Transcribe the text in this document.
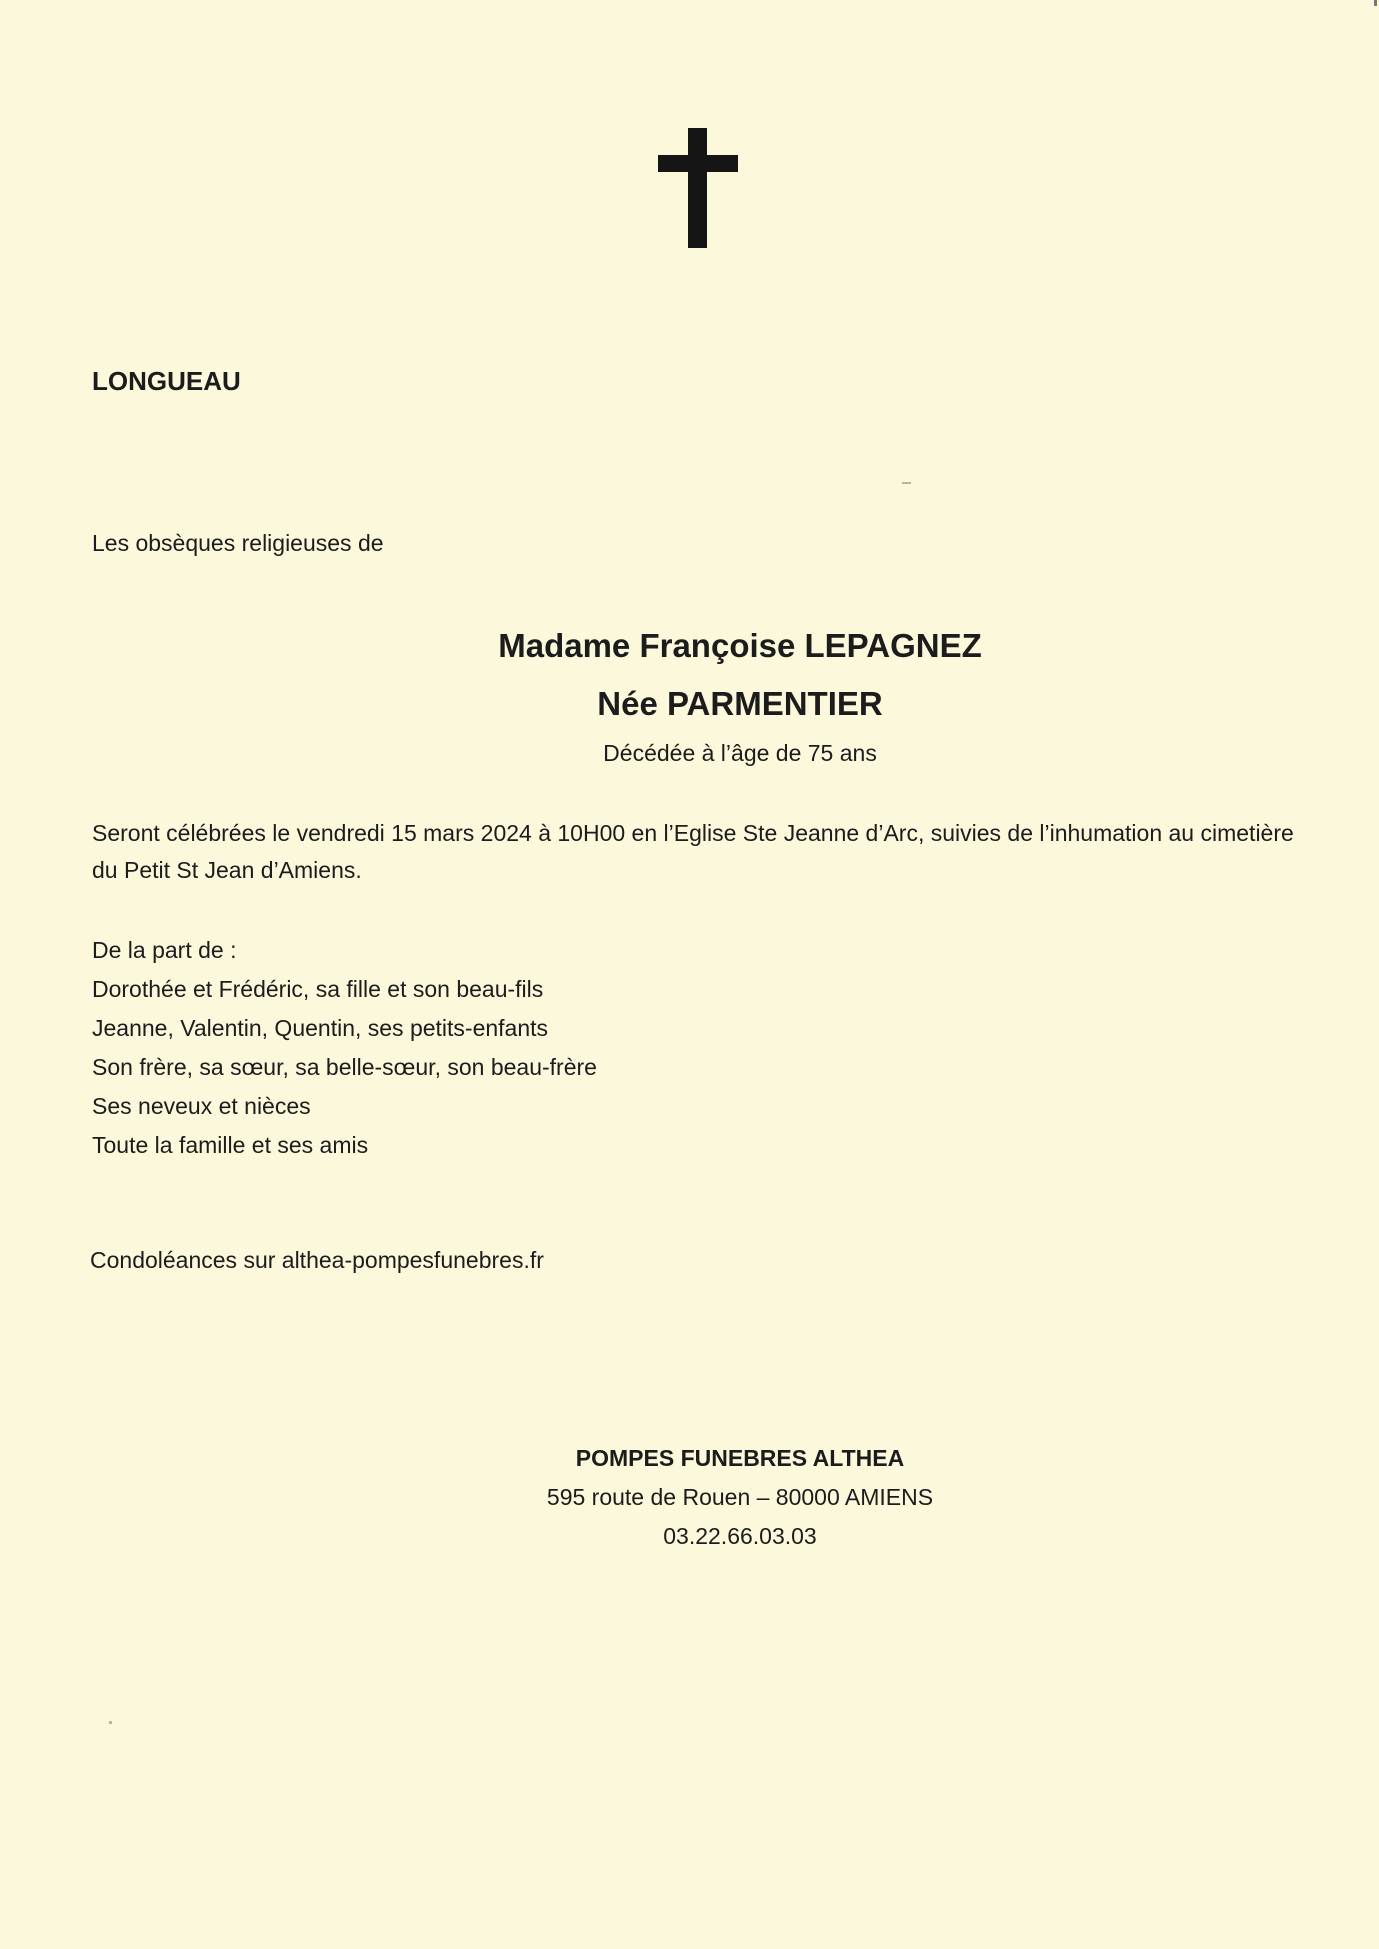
LONGUEAU
Les obsèques religieuses de
Madame Françoise LEPAGNEZ
Née PARMENTIER
Décédée à l’âge de 75 ans
Seront célébrées le vendredi 15 mars 2024 à 10H00 en l’Eglise Ste Jeanne d’Arc, suivies de l’inhumation au cimetière du Petit St Jean d’Amiens.
De la part de :
Dorothée et Frédéric, sa fille et son beau-fils
Jeanne, Valentin, Quentin, ses petits-enfants
Son frère, sa sœur, sa belle-sœur, son beau-frère
Ses neveux et nièces
Toute la famille et ses amis
Condoléances sur althea-pompesfunebres.fr
POMPES FUNEBRES ALTHEA
595 route de Rouen – 80000 AMIENS
03.22.66.03.03
